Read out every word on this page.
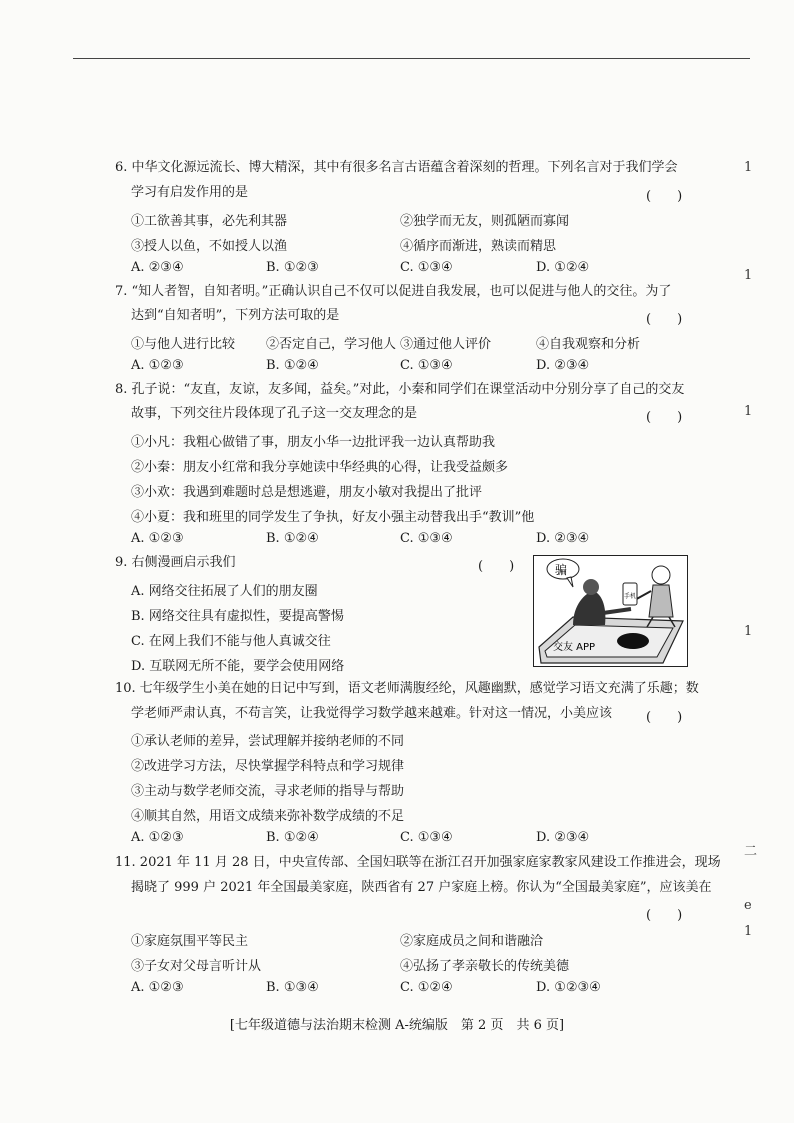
1
1
1
1
二
e
1
6. 中华文化源远流长、博大精深，其中有很多名言古语蕴含着深刻的哲理。下列名言对于我们学会
学习有启发作用的是	(　　)
①工欲善其事，必先利其器	②独学而无友，则孤陋而寡闻
③授人以鱼，不如授人以渔	④循序而渐进，熟读而精思
A. ②③④	B. ①②③	C. ①③④	D. ①②④
7. “知人者智，自知者明。”正确认识自己不仅可以促进自我发展，也可以促进与他人的交往。为了
达到“自知者明”，下列方法可取的是	(　　)
①与他人进行比较 ②否定自己，学习他人 ③通过他人评价	④自我观察和分析
A. ①②③	B. ①②④	C. ①③④	D. ②③④
8. 孔子说：“友直，友谅，友多闻，益矣。”对此，小秦和同学们在课堂活动中分别分享了自己的交友
故事，下列交往片段体现了孔子这一交友理念的是	(　　)
①小凡：我粗心做错了事，朋友小华一边批评我一边认真帮助我
②小秦：朋友小红常和我分享她读中华经典的心得，让我受益颇多
③小欢：我遇到难题时总是想逃避，朋友小敏对我提出了批评
④小夏：我和班里的同学发生了争执，好友小强主动替我出手“教训”他
A. ①②③	B. ①②④	C. ①③④	D. ②③④
9. 右侧漫画启示我们	(　　)
A. 网络交往拓展了人们的朋友圈
B. 网络交往具有虚拟性，要提高警惕
C. 在网上我们不能与他人真诚交往
D. 互联网无所不能，要学会使用网络
骗
交友 APP
手机
10. 七年级学生小美在她的日记中写到，语文老师满腹经纶，风趣幽默，感觉学习语文充满了乐趣；数
学老师严肃认真，不苟言笑，让我觉得学习数学越来越难。针对这一情况，小美应该	(　　)
①承认老师的差异，尝试理解并接纳老师的不同
②改进学习方法，尽快掌握学科特点和学习规律
③主动与数学老师交流，寻求老师的指导与帮助
④顺其自然，用语文成绩来弥补数学成绩的不足
A. ①②③	B. ①②④	C. ①③④	D. ②③④
11. 2021 年 11 月 28 日，中央宣传部、全国妇联等在浙江召开加强家庭家教家风建设工作推进会，现场
揭晓了 999 户 2021 年全国最美家庭，陕西省有 27 户家庭上榜。你认为“全国最美家庭”，应该美在
(　　)
①家庭氛围平等民主	②家庭成员之间和谐融洽
③子女对父母言听计从	④弘扬了孝亲敬长的传统美德
A. ①②③	B. ①③④	C. ①②④	D. ①②③④
[七年级道德与法治期末检测 A-统编版　第 2 页　共 6 页]
